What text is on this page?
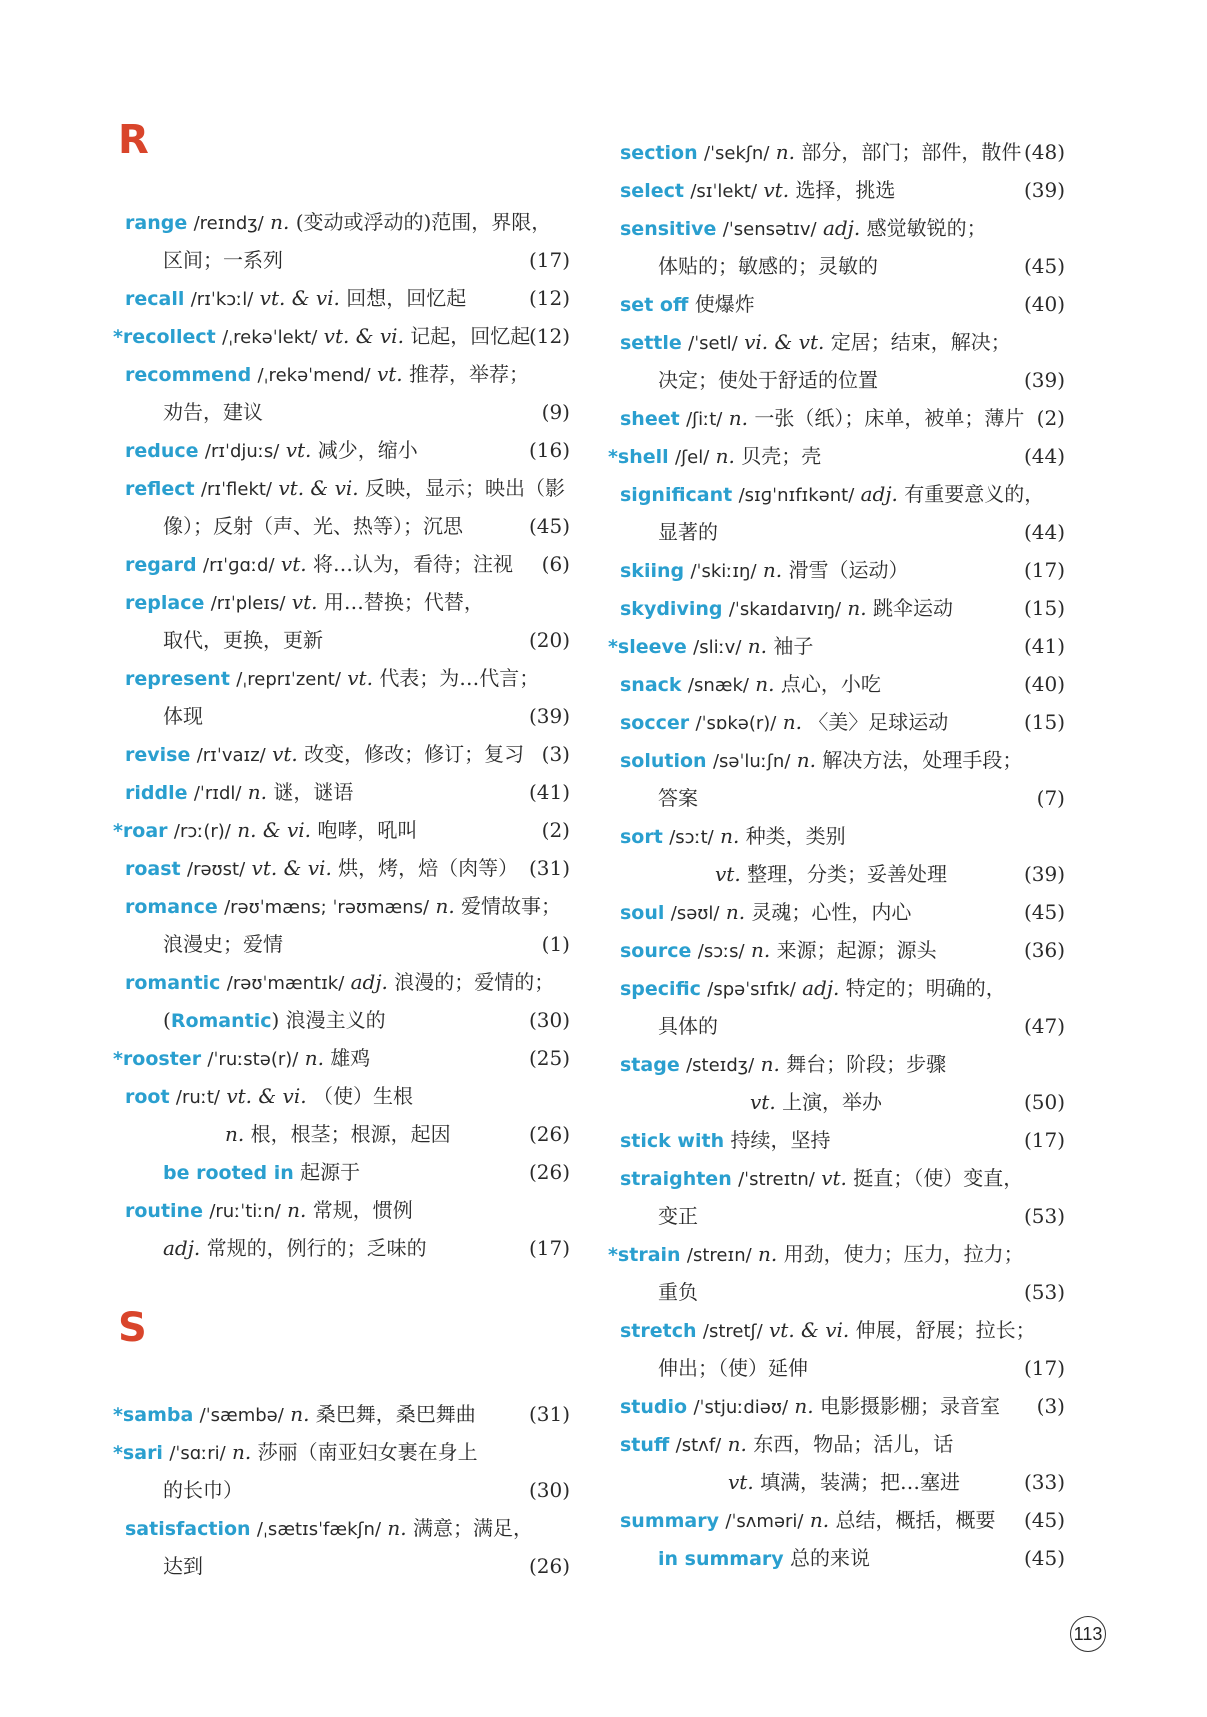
R
S
range /reɪndʒ/ n. (变动或浮动的)范围，界限，
区间；一系列	(17)
recall /rɪˈkɔːl/ vt. & vi. 回想，回忆起	(12)
*recollect /ˌrekəˈlekt/ vt. & vi. 记起，回忆起
(12)
recommend /ˌrekəˈmend/ vt. 推荐，举荐；
劝告，建议	(9)
reduce /rɪˈdjuːs/ vt. 减少，缩小	(16)
reflect /rɪˈflekt/ vt. & vi. 反映，显示；映出（影
像）；反射（声、光、热等）；沉思	(45)
regard /rɪˈɡɑːd/ vt. 将…认为，看待；注视 (6)
replace /rɪˈpleɪs/ vt. 用…替换；代替，
取代，更换，更新	(20)
represent /ˌreprɪˈzent/ vt. 代表；为…代言；
体现	(39)
revise /rɪˈvaɪz/ vt. 改变，修改；修订；复习 (3)
riddle /ˈrɪdl/ n. 谜，谜语	(41)
*roar /rɔː(r)/ n. & vi. 咆哮，吼叫	(2)
roast /rəʊst/ vt. & vi. 烘，烤，焙（肉等） (31)
romance /rəʊˈmæns; ˈrəʊmæns/ n. 爱情故事；
浪漫史；爱情	(1)
romantic /rəʊˈmæntɪk/ adj. 浪漫的；爱情的；
(Romantic) 浪漫主义的	(30)
*rooster /ˈruːstə(r)/ n. 雄鸡	(25)
root /ruːt/ vt. & vi. （使）生根
n. 根，根茎；根源，起因	(26)
be rooted in 起源于	(26)
routine /ruːˈtiːn/ n. 常规，惯例
adj. 常规的，例行的；乏味的	(17)
*samba /ˈsæmbə/ n. 桑巴舞，桑巴舞曲	(31)
*sari /ˈsɑːri/ n. 莎丽（南亚妇女裹在身上
的长巾）	(30)
satisfaction /ˌsætɪsˈfækʃn/ n. 满意；满足，
达到	(26)
section /ˈsekʃn/ n. 部分，部门；部件，散件 (48)
select /sɪˈlekt/ vt. 选择，挑选	(39)
sensitive /ˈsensətɪv/ adj. 感觉敏锐的；
体贴的；敏感的；灵敏的	(45)
set off 使爆炸	(40)
settle /ˈsetl/ vi. & vt. 定居；结束，解决；
决定；使处于舒适的位置	(39)
sheet /ʃiːt/ n. 一张（纸）；床单，被单；薄片 (2)
*shell /ʃel/ n. 贝壳；壳	(44)
significant /sɪɡˈnɪfɪkənt/ adj. 有重要意义的，
显著的	(44)
skiing /ˈskiːɪŋ/ n. 滑雪（运动）	(17)
skydiving /ˈskaɪdaɪvɪŋ/ n. 跳伞运动	(15)
*sleeve /sliːv/ n. 袖子	(41)
snack /snæk/ n. 点心，小吃	(40)
soccer /ˈsɒkə(r)/ n. 〈美〉足球运动	(15)
solution /səˈluːʃn/ n. 解决方法，处理手段；
答案	(7)
sort /sɔːt/ n. 种类，类别
vt. 整理，分类；妥善处理	(39)
soul /səʊl/ n. 灵魂；心性，内心	(45)
source /sɔːs/ n. 来源；起源；源头	(36)
specific /spəˈsɪfɪk/ adj. 特定的；明确的，
具体的	(47)
stage /steɪdʒ/ n. 舞台；阶段；步骤
vt. 上演，举办	(50)
stick with 持续，坚持	(17)
straighten /ˈstreɪtn/ vt. 挺直；（使）变直，
变正	(53)
*strain /streɪn/ n. 用劲，使力；压力，拉力；
重负	(53)
stretch /stretʃ/ vt. & vi. 伸展，舒展；拉长；
伸出；（使）延伸	(17)
studio /ˈstjuːdiəʊ/ n. 电影摄影棚；录音室 (3)
stuff /stʌf/ n. 东西，物品；活儿，话
vt. 填满，装满；把…塞进	(33)
summary /ˈsʌməri/ n. 总结，概括，概要 (45)
in summary 总的来说	(45)
113
